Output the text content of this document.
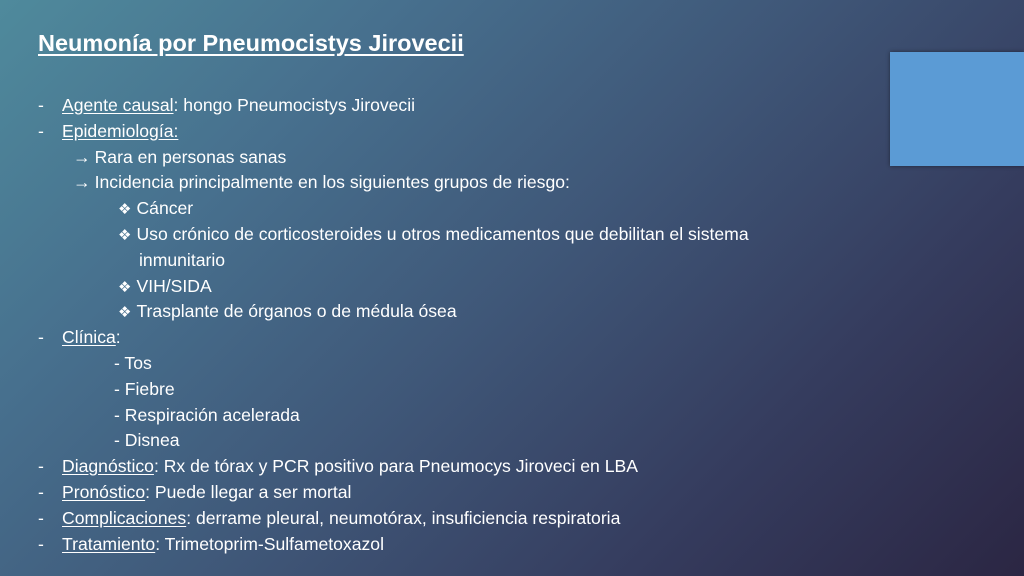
Neumonía por Pneumocistys Jirovecii
- Agente causal: hongo Pneumocistys Jirovecii
- Epidemiología:
→ Rara en personas sanas
→ Incidencia principalmente en los siguientes grupos de riesgo:
❖ Cáncer
❖ Uso crónico de corticosteroides u otros medicamentos que debilitan el sistema
inmunitario
❖ VIH/SIDA
❖ Trasplante de órganos o de médula ósea
- Clínica:
- Tos
- Fiebre
- Respiración acelerada
- Disnea
- Diagnóstico: Rx de tórax y PCR positivo para Pneumocys Jiroveci en LBA
- Pronóstico: Puede llegar a ser mortal
- Complicaciones: derrame pleural, neumotórax, insuficiencia respiratoria
- Tratamiento: Trimetoprim-Sulfametoxazol
